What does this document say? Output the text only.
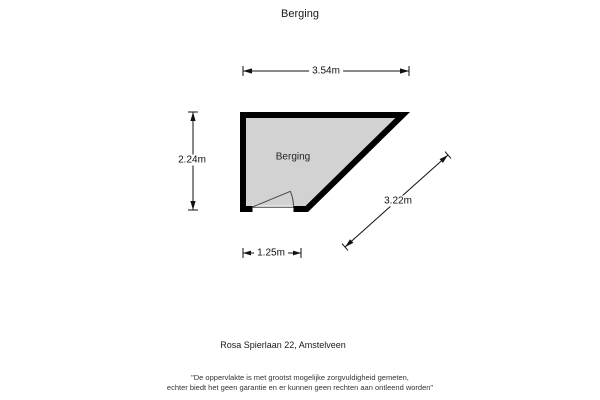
Berging
3.54m
2.24m
3.22m
1.25m
Berging
Rosa Spierlaan 22, Amstelveen
"De oppervlakte is met grootst mogelijke zorgvuldigheid gemeten,
echter biedt het geen garantie en er kunnen geen rechten aan ontleend worden"
